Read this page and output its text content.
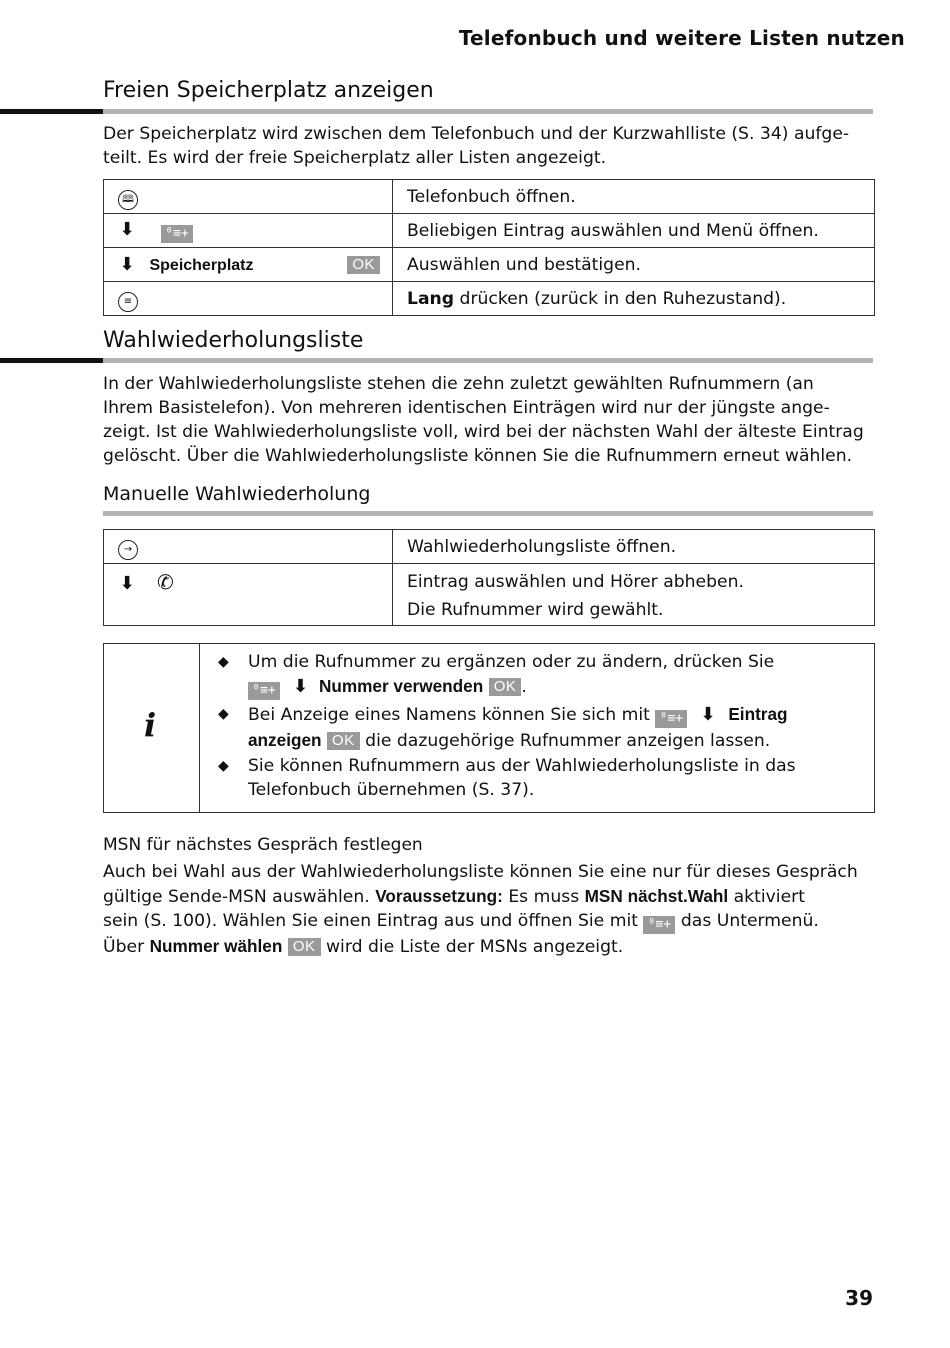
Telefonbuch und weitere Listen nutzen
Freien Speicherplatz anzeigen
Der Speicherplatz wird zwischen dem Telefonbuch und der Kurzwahlliste (S. 34) aufge-
teilt. Es wird der freie Speicherplatz aller Listen angezeigt.
🕮	Telefonbuch öffnen.
⬇ ⁰≡+	Beliebigen Eintrag auswählen und Menü öffnen.
⬇ Speicherplatz OK	Auswählen und bestätigen.
≡	Lang drücken (zurück in den Ruhezustand).
Wahlwiederholungsliste
In der Wahlwiederholungsliste stehen die zehn zuletzt gewählten Rufnummern (an
Ihrem Basistelefon). Von mehreren identischen Einträgen wird nur der jüngste ange-
zeigt. Ist die Wahlwiederholungsliste voll, wird bei der nächsten Wahl der älteste Eintrag
gelöscht. Über die Wahlwiederholungsliste können Sie die Rufnummern erneut wählen.
Manuelle Wahlwiederholung
→	Wahlwiederholungsliste öffnen.
⬇ ✆	Eintrag auswählen und Hörer abheben.
Die Rufnummer wird gewählt.
i
◆ Um die Rufnummer zu ergänzen oder zu ändern, drücken Sie
⁰≡+ ⬇ Nummer verwenden OK .
◆ Bei Anzeige eines Namens können Sie sich mit ⁰≡+ ⬇ Eintrag
anzeigen OK die dazugehörige Rufnummer anzeigen lassen.
◆ Sie können Rufnummern aus der Wahlwiederholungsliste in das
Telefonbuch übernehmen (S. 37).
MSN für nächstes Gespräch festlegen
Auch bei Wahl aus der Wahlwiederholungsliste können Sie eine nur für dieses Gespräch
gültige Sende-MSN auswählen. Voraussetzung: Es muss MSN nächst.Wahl aktiviert
sein (S. 100). Wählen Sie einen Eintrag aus und öffnen Sie mit ⁰≡+ das Untermenü.
Über Nummer wählen OK wird die Liste der MSNs angezeigt.
39
